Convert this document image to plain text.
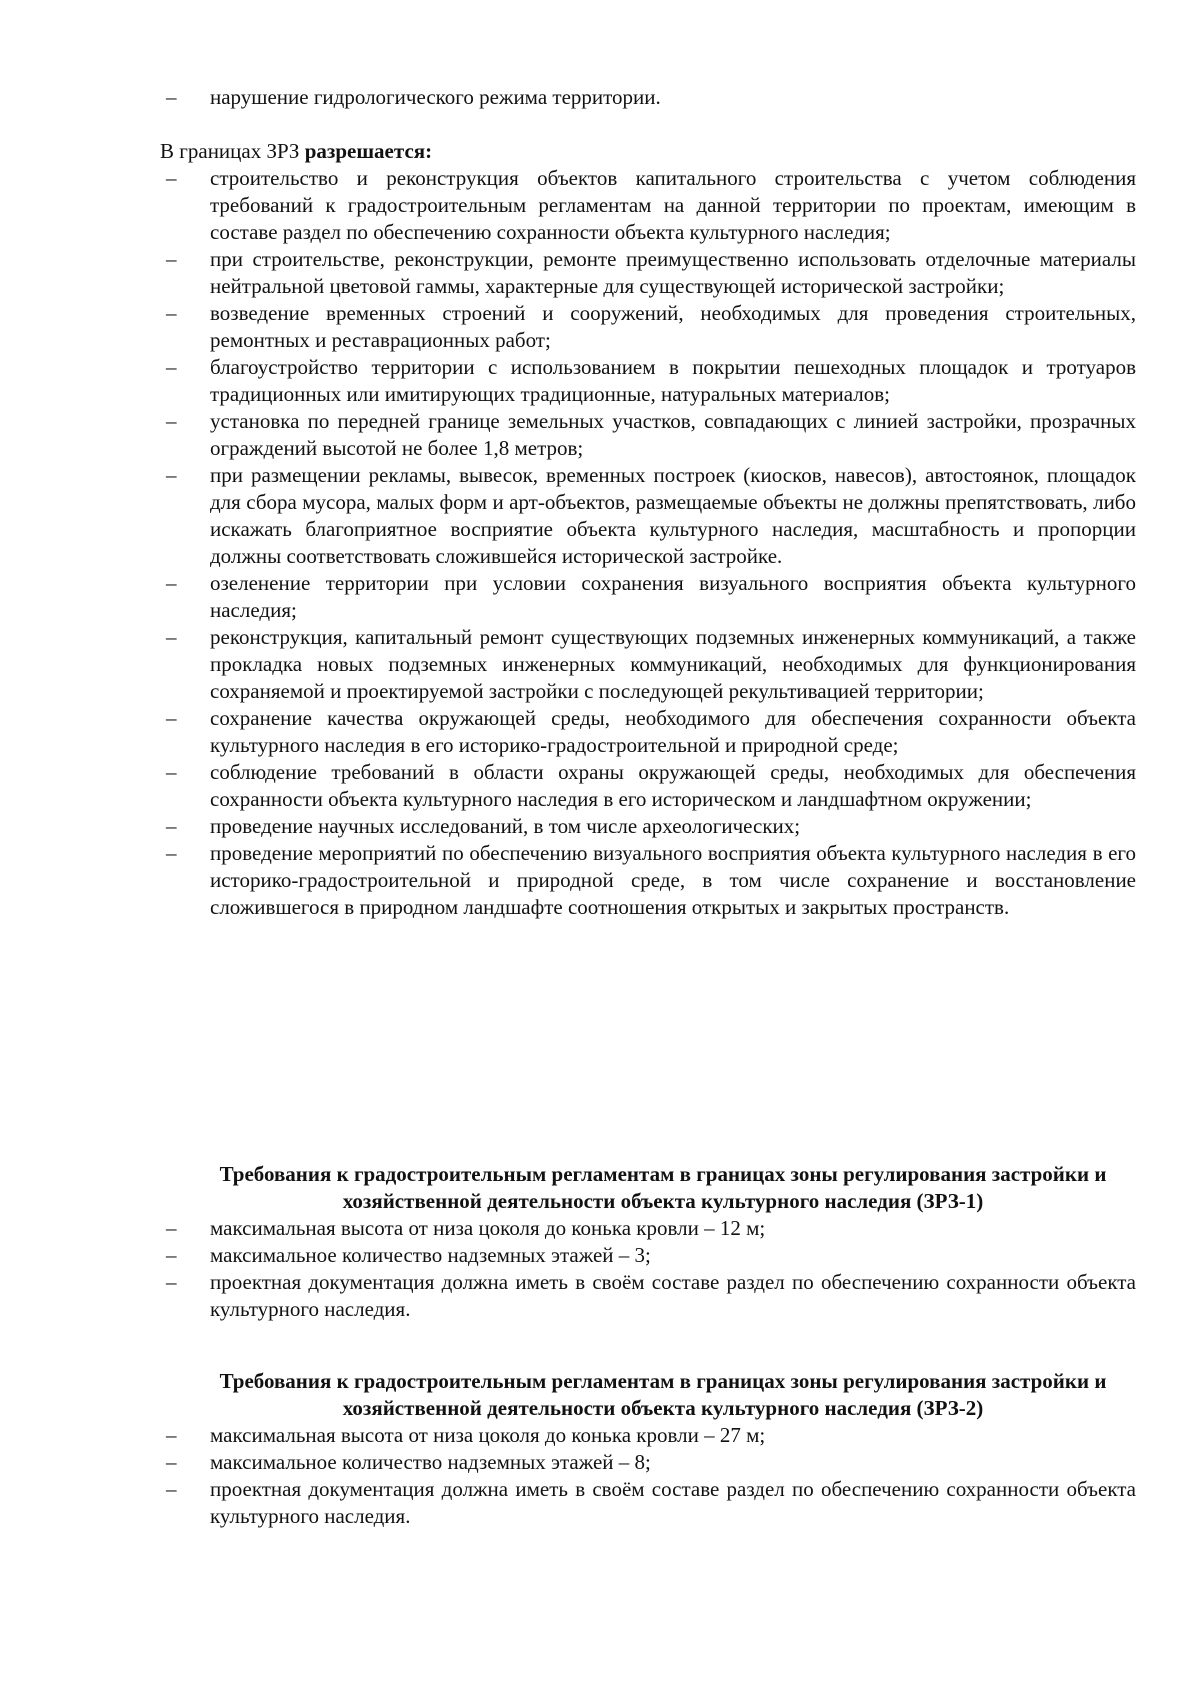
–	нарушение гидрологического режима территории.

В границах ЗРЗ разрешается:

–	строительство и реконструкция объектов капитального строительства с учетом соблюдения требований к градостроительным регламентам на данной территории по проектам, имеющим в составе раздел по обеспечению сохранности объекта культурного наследия;
–	при строительстве, реконструкции, ремонте преимущественно использовать отделочные материалы нейтральной цветовой гаммы, характерные для существующей исторической застройки;
–	возведение временных строений и сооружений, необходимых для проведения строительных, ремонтных и реставрационных работ;
–	благоустройство территории с использованием в покрытии пешеходных площадок и тротуаров традиционных или имитирующих традиционные, натуральных материалов;
–	установка по передней границе земельных участков, совпадающих с линией застройки, прозрачных ограждений высотой не более 1,8 метров;
–	при размещении рекламы, вывесок, временных построек (киосков, навесов), автостоянок, площадок для сбора мусора, малых форм и арт-объектов, размещаемые объекты не должны препятствовать, либо искажать благоприятное восприятие объекта культурного наследия, масштабность и пропорции должны соответствовать сложившейся исторической застройке.
–	озеленение территории при условии сохранения визуального восприятия объекта культурного наследия;
–	реконструкция, капитальный ремонт существующих подземных инженерных коммуникаций, а также прокладка новых подземных инженерных коммуникаций, необходимых для функционирования сохраняемой и проектируемой застройки с последующей рекультивацией территории;
–	сохранение качества окружающей среды, необходимого для обеспечения сохранности объекта культурного наследия в его историко-градостроительной и природной среде;
–	соблюдение требований в области охраны окружающей среды, необходимых для обеспечения сохранности объекта культурного наследия в его историческом и ландшафтном окружении;
–	проведение научных исследований, в том числе археологических;
–	проведение мероприятий по обеспечению визуального восприятия объекта культурного наследия в его историко-градостроительной и природной среде, в том числе сохранение и восстановление сложившегося в природном ландшафте соотношения открытых и закрытых пространств.

Требования к градостроительным регламентам в границах зоны регулирования застройки и хозяйственной деятельности объекта культурного наследия (ЗРЗ-1)

–	максимальная высота от низа цоколя до конька кровли – 12 м;
–	максимальное количество надземных этажей – 3;
–	проектная документация должна иметь в своём составе раздел по обеспечению сохранности объекта культурного наследия.

Требования к градостроительным регламентам в границах зоны регулирования застройки и хозяйственной деятельности объекта культурного наследия (ЗРЗ-2)

–	максимальная высота от низа цоколя до конька кровли – 27 м;
–	максимальное количество надземных этажей – 8;
–	проектная документация должна иметь в своём составе раздел по обеспечению сохранности объекта культурного наследия.
